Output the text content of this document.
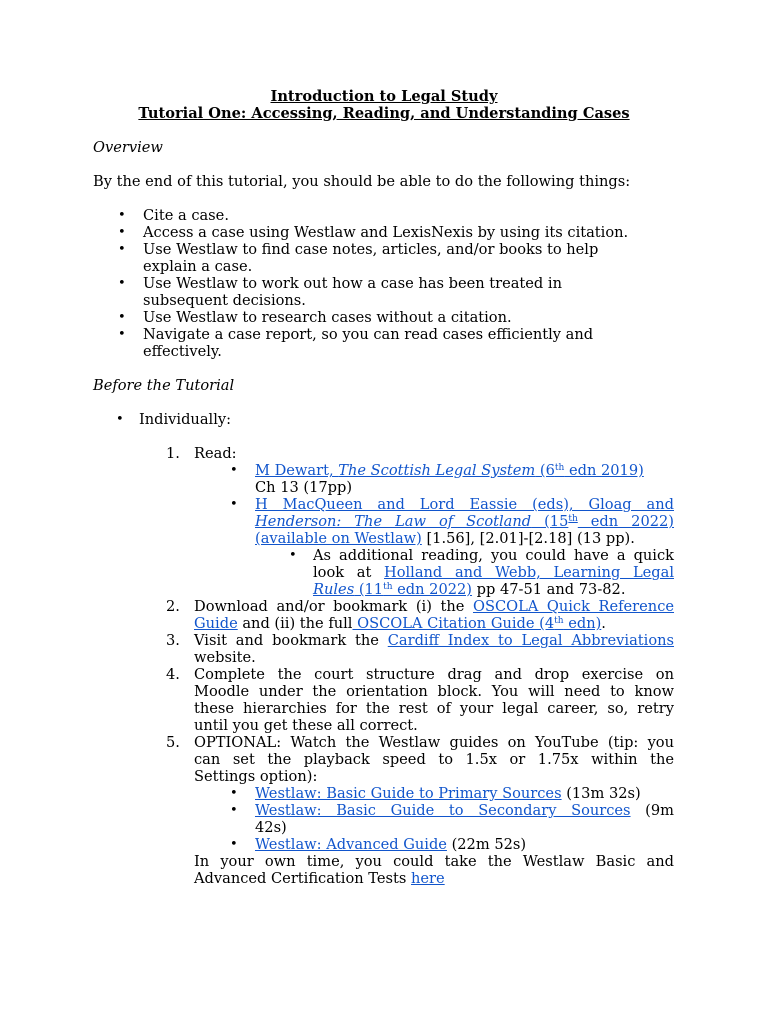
Introduction to Legal Study
Tutorial One: Accessing, Reading, and Understanding Cases
Overview
By the end of this tutorial, you should be able to do the following things:
• Cite a case.
• Access a case using Westlaw and LexisNexis by using its citation.
• Use Westlaw to find case notes, articles, and/or books to help
explain a case.
• Use Westlaw to work out how a case has been treated in
subsequent decisions.
• Use Westlaw to research cases without a citation.
• Navigate a case report, so you can read cases efficiently and
effectively.
Before the Tutorial
• Individually:
1. Read:
• M Dewart, The Scottish Legal System (6th edn 2019)
Ch 13 (17pp)
• H MacQueen and Lord Eassie (eds), Gloag and
Henderson: The Law of Scotland (15th edn 2022)
(available on Westlaw) [1.56], [2.01]-[2.18] (13 pp).
• As additional reading, you could have a quick
look at Holland and Webb, Learning Legal
Rules (11th edn 2022) pp 47-51 and 73-82.
2. Download and/or bookmark (i) the OSCOLA Quick Reference
Guide and (ii) the full OSCOLA Citation Guide (4th edn).
3. Visit and bookmark the Cardiff Index to Legal Abbreviations
website.
4. Complete the court structure drag and drop exercise on
Moodle under the orientation block. You will need to know
these hierarchies for the rest of your legal career, so, retry
until you get these all correct.
5. OPTIONAL: Watch the Westlaw guides on YouTube (tip: you
can set the playback speed to 1.5x or 1.75x within the
Settings option):
• Westlaw: Basic Guide to Primary Sources (13m 32s)
• Westlaw: Basic Guide to Secondary Sources (9m
42s)
• Westlaw: Advanced Guide (22m 52s)
In your own time, you could take the Westlaw Basic and
Advanced Certification Tests here
